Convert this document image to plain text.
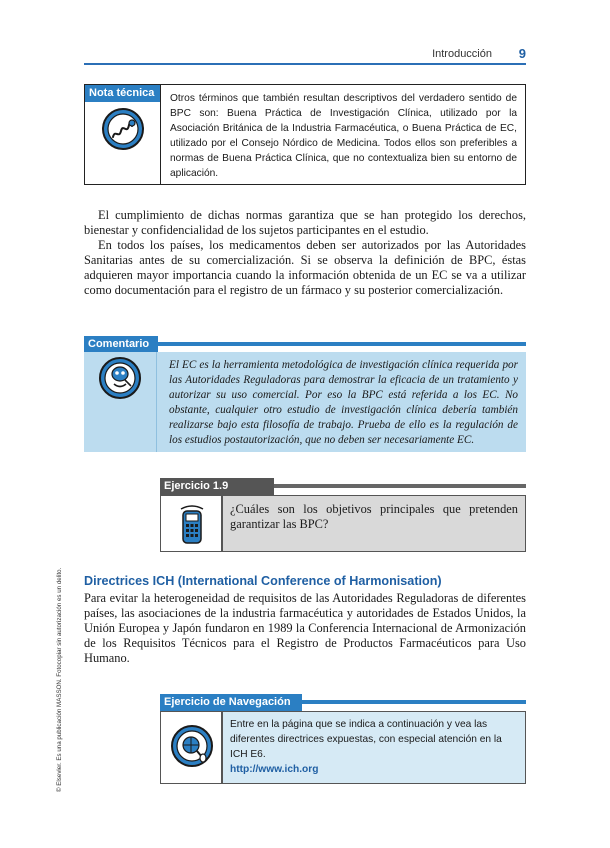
Introducción 9
Nota técnica	Otros términos que también resultan descriptivos del verdadero sentido de BPC son: Buena Práctica de Investigación Clínica, utilizado por la Asociación Británica de la Industria Farmacéutica, o Buena Práctica de EC, utilizado por el Consejo Nórdico de Medicina. Todos ellos son preferibles a normas de Buena Práctica Clínica, que no contextualiza bien su entorno de aplicación.

El cumplimiento de dichas normas garantiza que se han protegido los derechos, bienestar y confidencialidad de los sujetos participantes en el estudio.

En todos los países, los medicamentos deben ser autorizados por las Autoridades Sanitarias antes de su comercialización. Si se observa la definición de BPC, éstas adquieren mayor importancia cuando la información obtenida de un EC se va a utilizar como documentación para el registro de un fármaco y su posterior comercialización.

Comentario
El EC es la herramienta metodológica de investigación clínica requerida por las Autoridades Reguladoras para demostrar la eficacia de un tratamiento y autorizar su uso comercial. Por eso la BPC está referida a los EC. No obstante, cualquier otro estudio de investigación clínica debería también realizarse bajo esta filosofía de trabajo. Prueba de ello es la regulación de los estudios postautorización, que no deben ser necesariamente EC.
Ejercicio 1.9
¿Cuáles son los objetivos principales que pretenden garantizar las BPC?
Directrices ICH (International Conference of Harmonisation)

Para evitar la heterogeneidad de requisitos de las Autoridades Reguladoras de diferentes países, las asociaciones de la industria farmacéutica y autoridades de Estados Unidos, la Unión Europea y Japón fundaron en 1989 la Conferencia Internacional de Armonización de los Requisitos Técnicos para el Registro de Productos Farmacéuticos para Uso Humano.

Ejercicio de Navegación
Entre en la página que se indica a continuación y vea las diferentes directrices expuestas, con especial atención en la ICH E6.
http://www.ich.org
© Elsevier. Es una publicación MASSON. Fotocopiar sin autorización es un delito.
